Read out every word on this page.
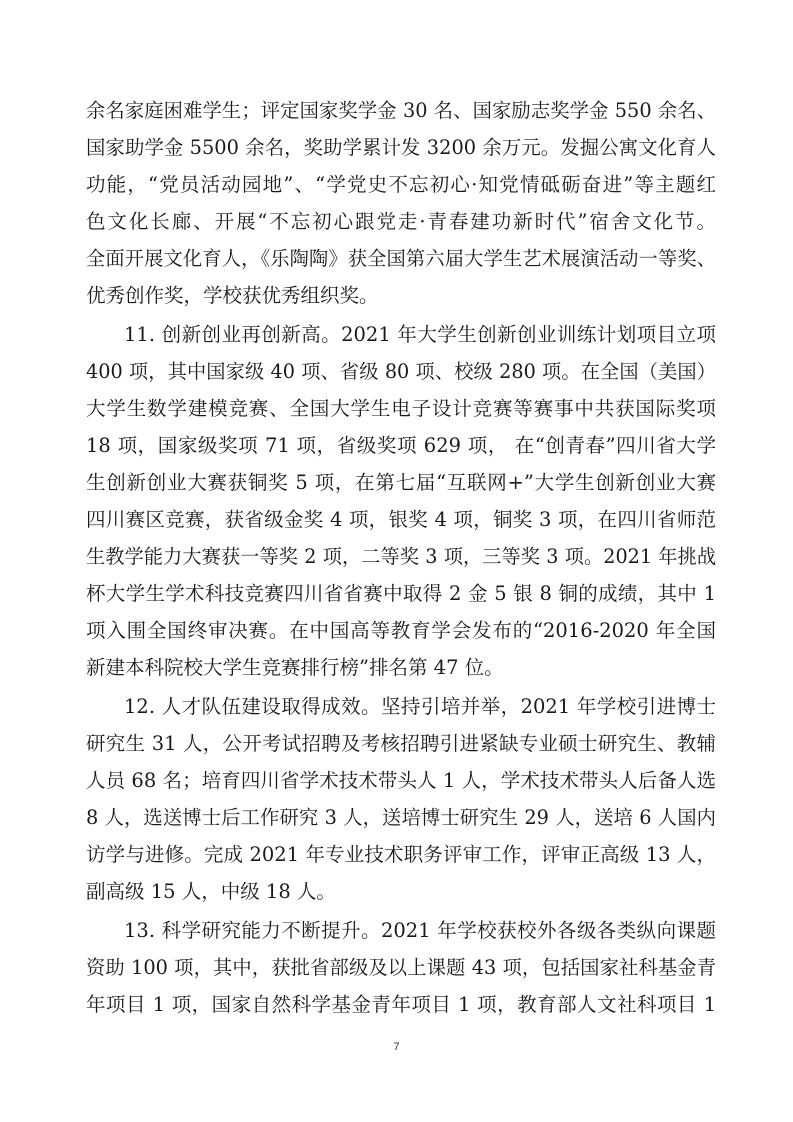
余名家庭困难学生；评定国家奖学金 30 名、国家励志奖学金 550 余名、
国家助学金 5500 余名，奖助学累计发 3200 余万元。发掘公寓文化育人
功能，“党员活动园地”、“学党史不忘初心·知党情砥砺奋进”等主题红
色文化长廊、开展“不忘初心跟党走·青春建功新时代”宿舍文化节。
全面开展文化育人，《乐陶陶》获全国第六届大学生艺术展演活动一等奖、
优秀创作奖，学校获优秀组织奖。
11. 创新创业再创新高。2021 年大学生创新创业训练计划项目立项
400 项，其中国家级 40 项、省级 80 项、校级 280 项。在全国（美国）
大学生数学建模竞赛、全国大学生电子设计竞赛等赛事中共获国际奖项
18 项，国家级奖项 71 项，省级奖项 629 项， 在“创青春”四川省大学
生创新创业大赛获铜奖 5 项，在第七届“互联网+”大学生创新创业大赛
四川赛区竞赛，获省级金奖 4 项，银奖 4 项，铜奖 3 项，在四川省师范
生教学能力大赛获一等奖 2 项，二等奖 3 项，三等奖 3 项。2021 年挑战
杯大学生学术科技竞赛四川省省赛中取得 2 金 5 银 8 铜的成绩，其中 1
项入围全国终审决赛。在中国高等教育学会发布的“2016-2020 年全国
新建本科院校大学生竞赛排行榜”排名第 47 位。
12. 人才队伍建设取得成效。坚持引培并举，2021 年学校引进博士
研究生 31 人，公开考试招聘及考核招聘引进紧缺专业硕士研究生、教辅
人员 68 名；培育四川省学术技术带头人 1 人，学术技术带头人后备人选
8 人，选送博士后工作研究 3 人，送培博士研究生 29 人，送培 6 人国内
访学与进修。完成 2021 年专业技术职务评审工作，评审正高级 13 人，
副高级 15 人，中级 18 人。
13. 科学研究能力不断提升。2021 年学校获校外各级各类纵向课题
资助 100 项，其中，获批省部级及以上课题 43 项，包括国家社科基金青
年项目 1 项，国家自然科学基金青年项目 1 项，教育部人文社科项目 1
7
